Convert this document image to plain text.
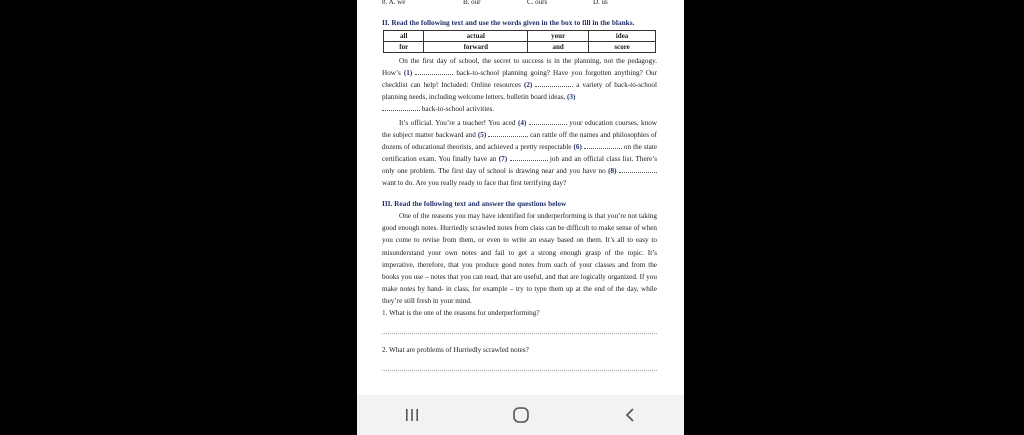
8. A. we	B. our	C. ours	D. us
II. Read the following text and use the words given in the box to fill in the blanks.
all	actual	your	idea
for	forward	and	score

On the first day of school, the secret to success is in the planning, not the pedagogy. How’s (1)	back-to-school planning going? Have you forgotten anything? Our checklist can help! Included: Online resources (2)	a variety of back-to-school planning needs, including welcome letters, bulletin board ideas, (3)
back-to-school activities.

It’s official. You’re a teacher! You aced (4)	your education courses, know the subject matter backward and (5)	, can rattle off the names and philosophies of dozens of educational theorists, and achieved a pretty respectable (6)	on the state certification exam. You finally have an (7)	job and an official class list. There’s only one problem. The first day of school is drawing near and you have no (8)  want to do. Are you really ready to face that first terrifying day?

III. Read the following text and answer the questions below

One of the reasons you may have identified for underperforming is that you’re not taking good enough notes. Hurriedly scrawled notes from class can be difficult to make sense of when you come to revise from them, or even to write an essay based on them. It’s all to easy to misunderstand your own notes and fail to get a strong enough grasp of the topic. It’s imperative, therefore, that you produce good notes from each of your classes and from the books you use – notes that you can read, that are useful, and that are logically organized. If you make notes by hand- in class, for example – try to type them up at the end of the day, while they’re still fresh in your mind.

1. What is the one of the reasons for underperforming?
2. What are problems of Hurriedly scrawled notes?
